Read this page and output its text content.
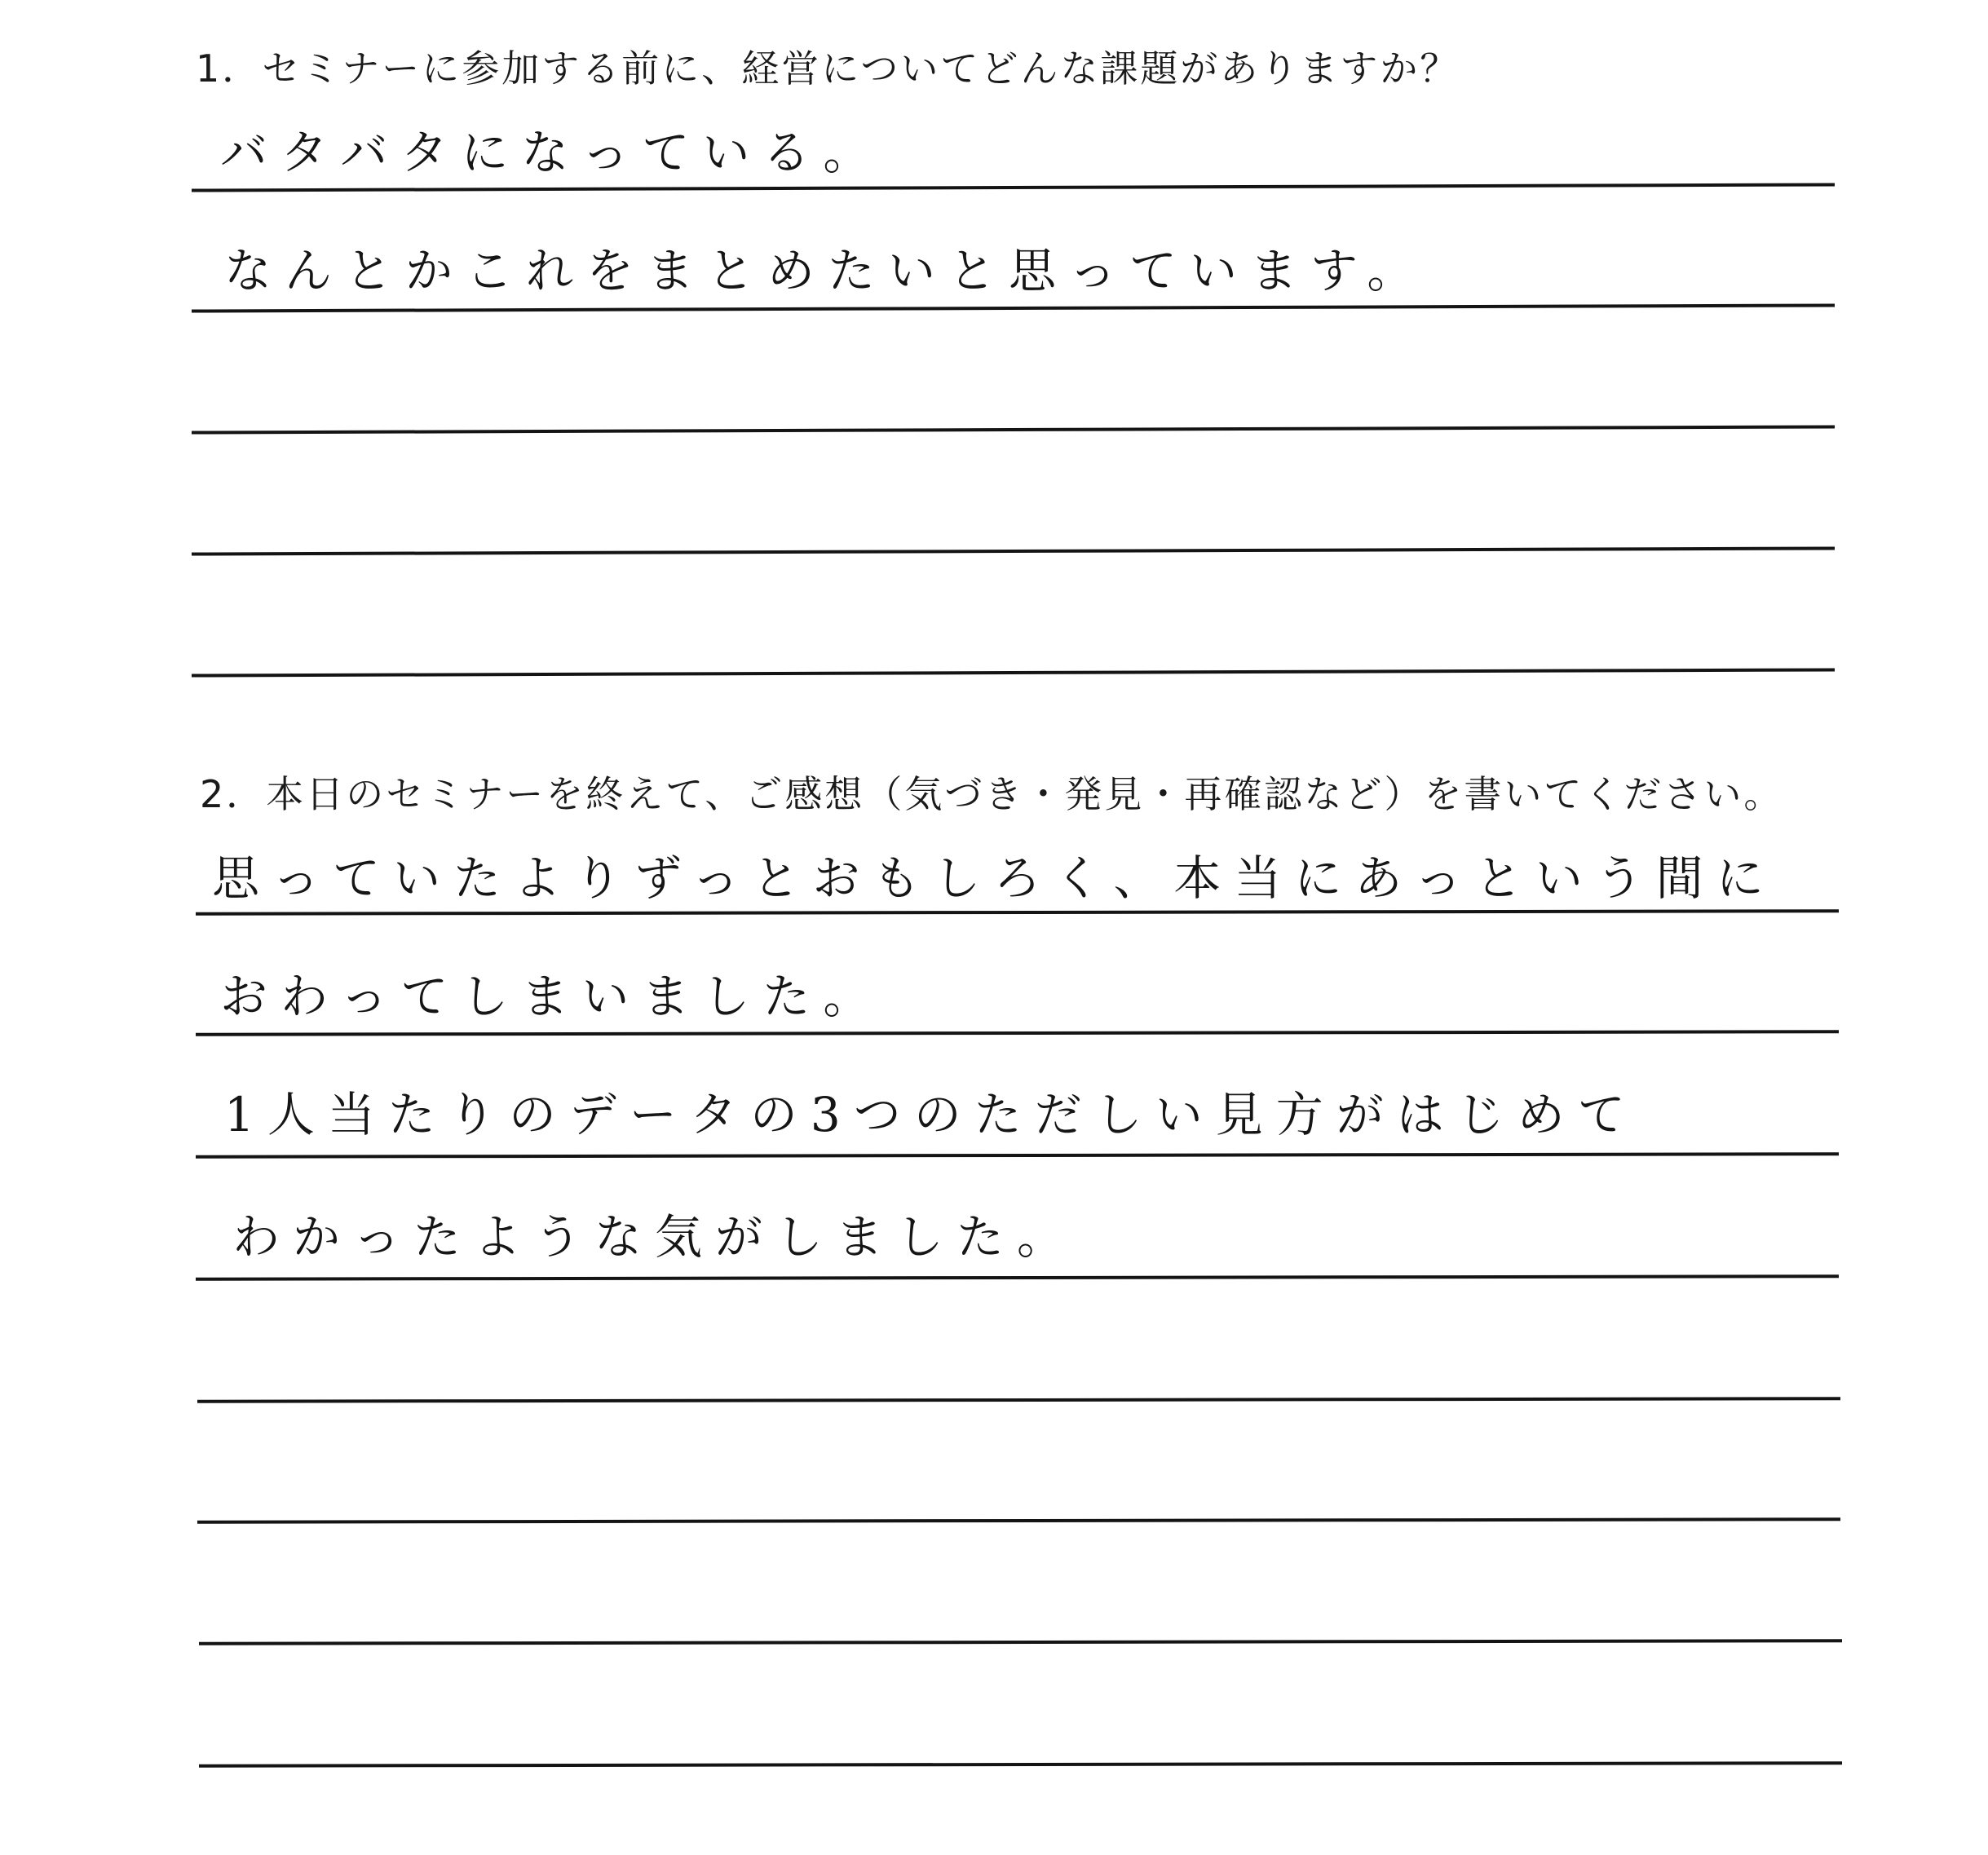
1．セミナーに参加する前に、経営についてどんな課題がありますか？
バタバタになっている。
なんとかこれをまとめたいと思っています。
2．本日のセミナーを終えて、ご感想（気づき・発見・再確認など）を書いてください。
思っていたよりずっとおもしろく、本当にあっという間に
おわってしまいました。
1人当たりのデータの3つのただしい見方がはじめて
わかったような気がしました。
